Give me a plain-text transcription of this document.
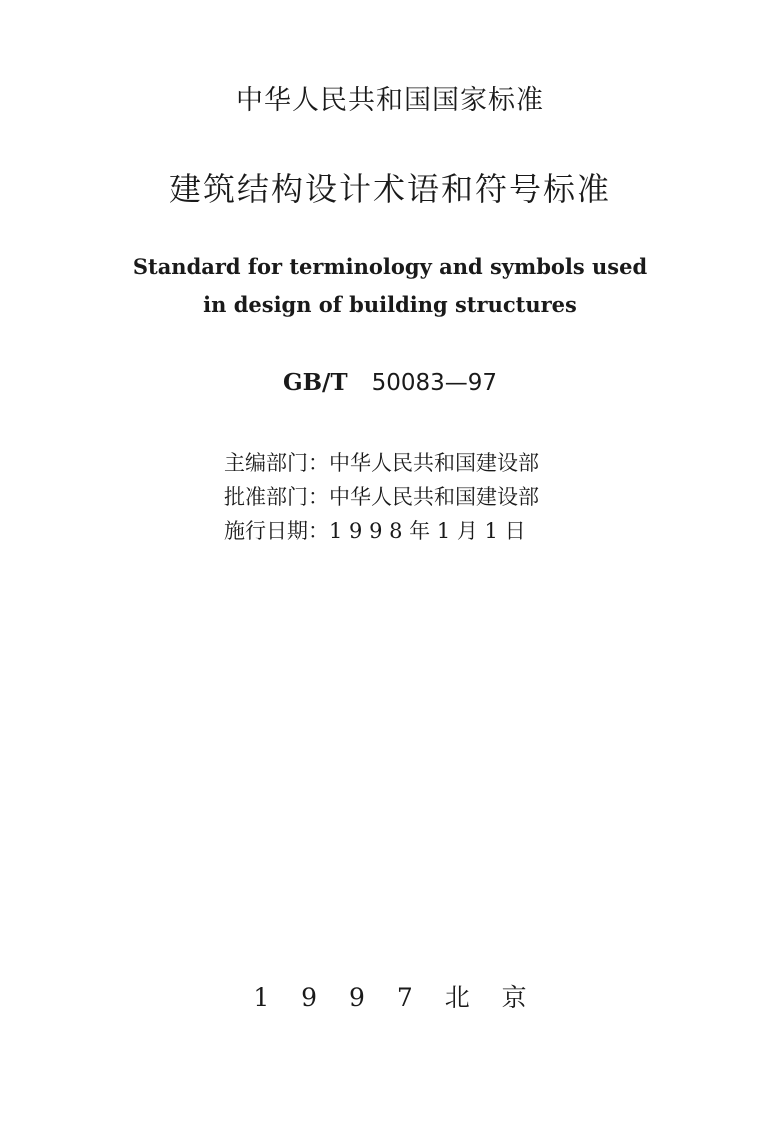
中华人民共和国国家标准
建筑结构设计术语和符号标准
Standard for terminology and symbols used
in design of building structures
GB/T 50083—97
主编部门：中华人民共和国建设部
批准部门：中华人民共和国建设部
施行日期：1 9 9 8 年 1 月 1 日
1 9 9 7 北 京
